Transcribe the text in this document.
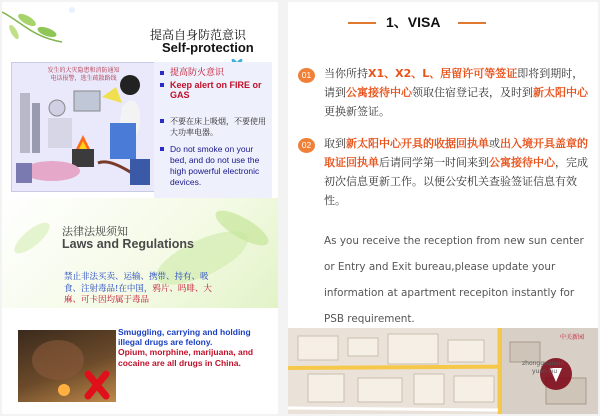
提高自身防范意识
Self-protection
发生的大灾隐患和消防通知
电话报警，逃生疏散路线
提高防火意识
Keep alert on FIRE or GAS
不要在床上吸烟，不要使用大功率电器。
Do not smoke on your bed, and do not use the high powerful electronic devices.
法律法规须知
Laws and Regulations
禁止非法买卖、运输、携带、持有、吸食、注射毒品!在中国，鸦片、吗啡、大麻、可卡因均属于毒品
Smuggling, carrying and holding illegal drugs are felony.
Opium, morphine, marijuana, and cocaine are all drugs in China.
1、VISA
01	当你所持X1、X2、L、居留许可等签证即将到期时，请到公寓接待中心领取住宿登记表，及时到新太阳中心更换新签证。
02	取到新太阳中心开具的收据回执单或出入境开具盖章的取证回执单后请同学第一时间来到公寓接待中心，完成初次信息更新工作。以便公安机关查验签证信息有效性。
As you receive the reception from new sun center or Entry and Exit bureau,please update your information at apartment recepiton instantly for PSB requirement.
中关新园
zhongguanxin
yuan Gu
